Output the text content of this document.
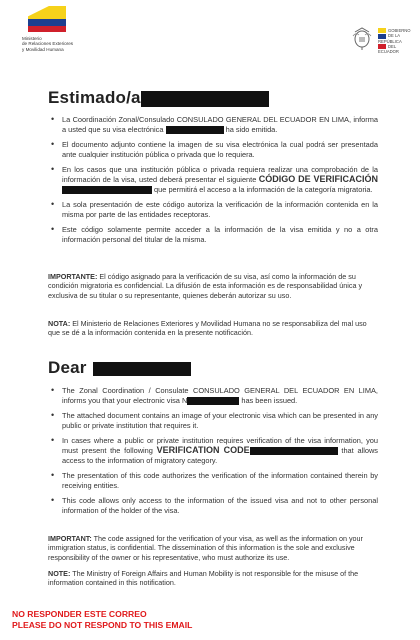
Ministerio
de Relaciones Exteriores
y Movilidad Humana
GOBIERNO
DE LA REPÚBLICA
DEL ECUADOR
Estimado/a
• La Coordinación Zonal/Consulado CONSULADO GENERAL DEL ECUADOR EN LIMA, informa a usted que su visa electrónica	ha sido emitida.
• El documento adjunto contiene la imagen de su visa electrónica la cual podrá ser presentada ante cualquier institución pública o privada que lo requiera.
• En los casos que una institución pública o privada requiera realizar una comprobación de la información de la visa, usted deberá presentar el siguiente CÓDIGO DE VERIFICACIÓN que permitirá el acceso a la información de la categoría migratoria.
• La sola presentación de este código autoriza la verificación de la información contenida en la misma por parte de las entidades receptoras.
• Este código solamente permite acceder a la información de la visa emitida y no a otra información personal del titular de la misma.
IMPORTANTE: El código asignado para la verificación de su visa, así como la información de su condición migratoria es confidencial. La difusión de esta información es de responsabilidad única y exclusiva de su titular o su representante, quienes deberán autorizar su uso.
NOTA: El Ministerio de Relaciones Exteriores y Movilidad Humana no se responsabiliza del mal uso que se dé a la información contenida en la presente notificación.
Dear
• The Zonal Coordination / Consulate CONSULADO GENERAL DEL ECUADOR EN LIMA, informs you that your electronic visa N	has been issued.
• The attached document contains an image of your electronic visa which can be presented in any public or private institution that requires it.
• In cases where a public or private institution requires verification of the visa information, you must present the following VERIFICATION CODE	that allows access to the information of migratory category.
• The presentation of this code authorizes the verification of the information contained therein by receiving entities.
• This code allows only access to the information of the issued visa and not to other personal information of the holder of the visa.
IMPORTANT: The code assigned for the verification of your visa, as well as the information on your immigration status, is confidential. The dissemination of this information is the sole and exclusive responsibility of the owner or his representative, who must authorize its use.
NOTE: The Ministry of Foreign Affairs and Human Mobility is not responsible for the misuse of the information contained in this notification.
NO RESPONDER ESTE CORREO
PLEASE DO NOT RESPOND TO THIS EMAIL
